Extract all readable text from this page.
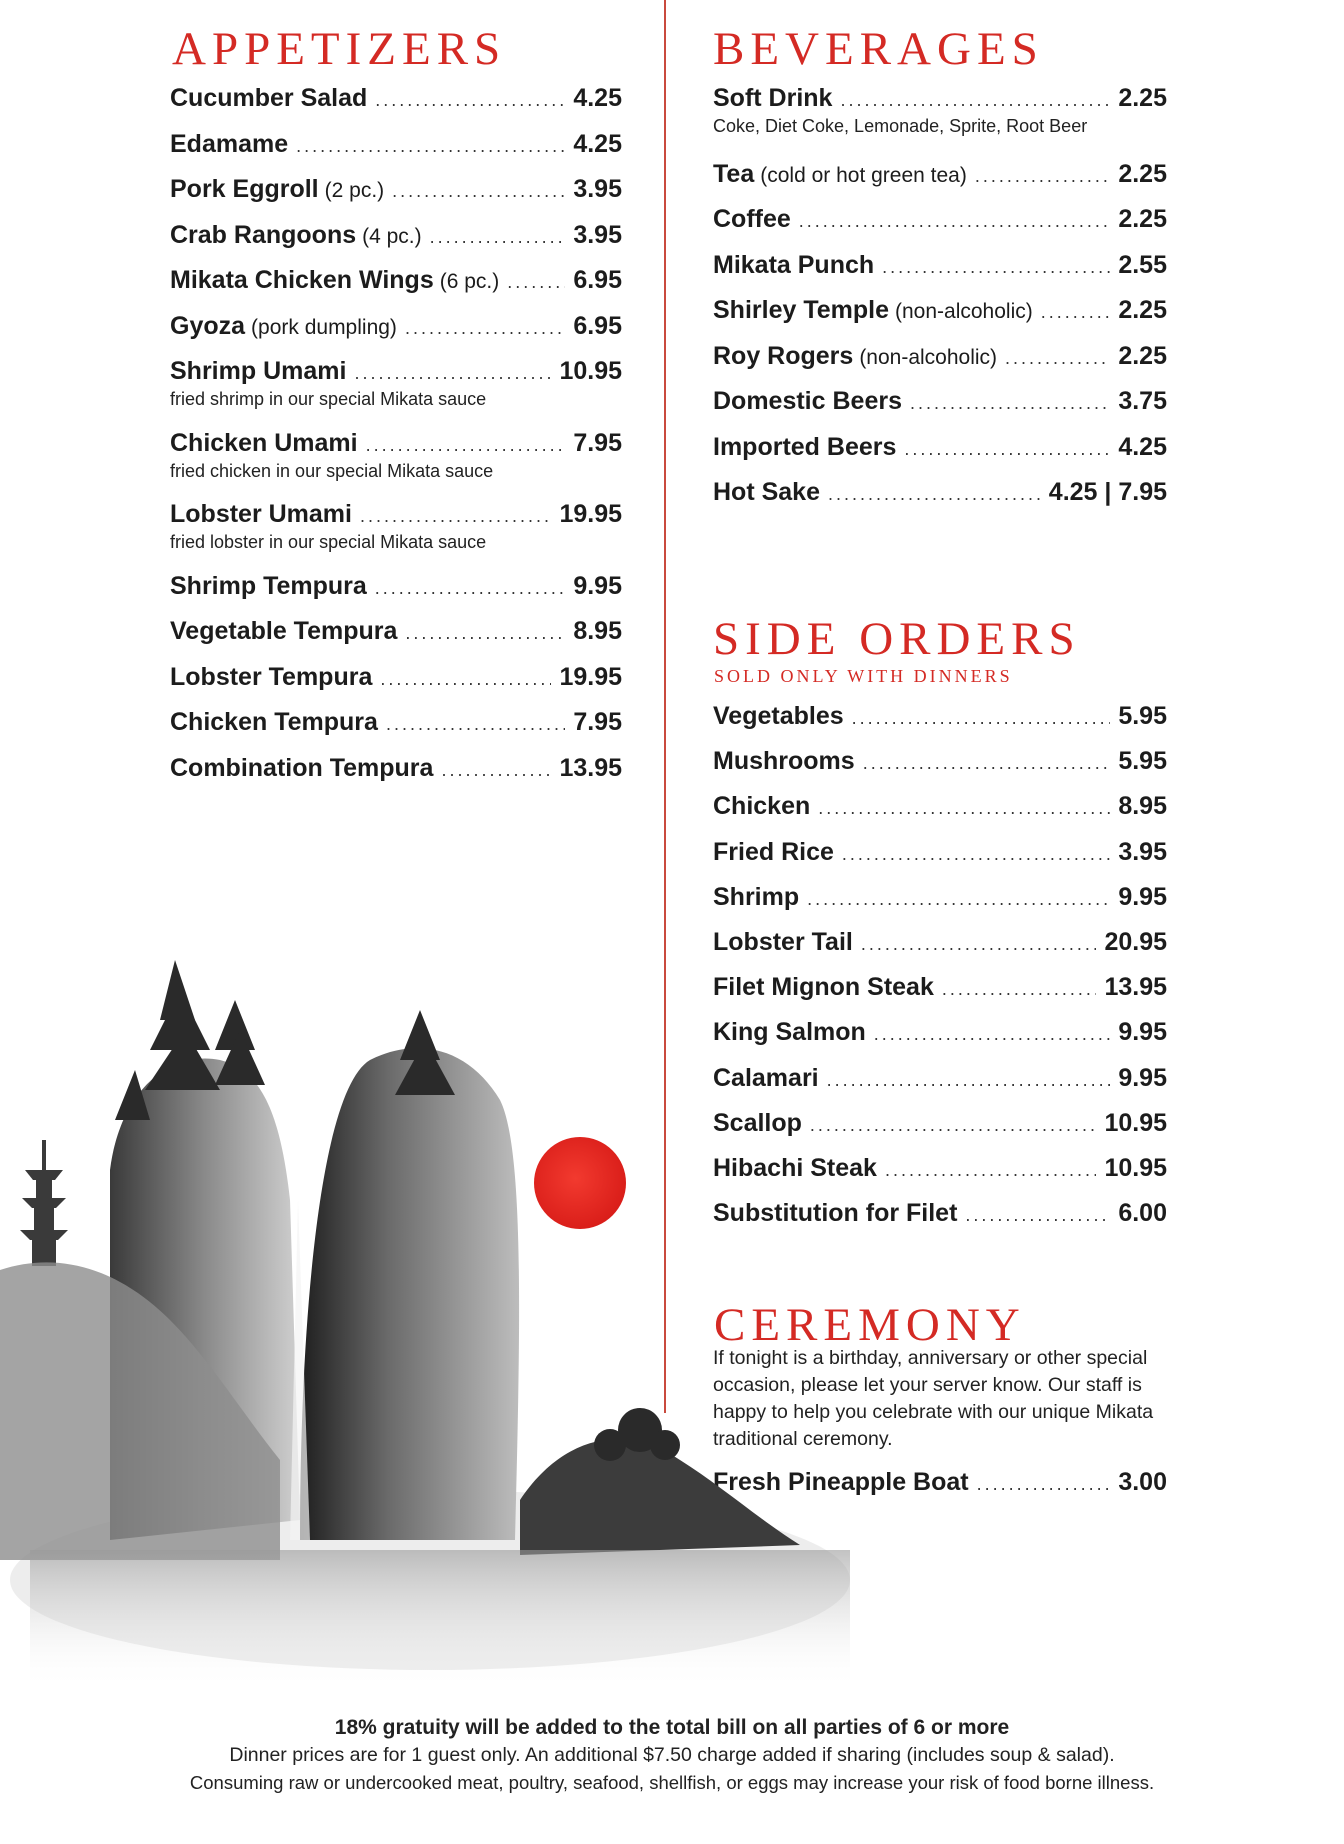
APPETIZERS
Cucumber Salad .....	4.25
Edamame .....	4.25
Pork Eggroll (2 pc.) .....	3.95
Crab Rangoons (4 pc.) .....	3.95
Mikata Chicken Wings (6 pc.) .....	6.95
Gyoza (pork dumpling) .....	6.95
Shrimp Umami .....	10.95
fried shrimp in our special Mikata sauce
Chicken Umami .....	7.95
fried chicken in our special Mikata sauce
Lobster Umami .....	19.95
fried lobster in our special Mikata sauce
Shrimp Tempura .....	9.95
Vegetable Tempura .....	8.95
Lobster Tempura .....	19.95
Chicken Tempura .....	7.95
Combination Tempura .....	13.95
BEVERAGES
Soft Drink .....	2.25
Coke, Diet Coke, Lemonade, Sprite, Root Beer
Tea (cold or hot green tea) .....	2.25
Coffee .....	2.25
Mikata Punch .....	2.55
Shirley Temple (non-alcoholic) .....	2.25
Roy Rogers (non-alcoholic) .....	2.25
Domestic Beers .....	3.75
Imported Beers .....	4.25
Hot Sake .....	4.25 | 7.95
SIDE ORDERS
SOLD ONLY WITH DINNERS
Vegetables .....	5.95
Mushrooms .....	5.95
Chicken .....	8.95
Fried Rice .....	3.95
Shrimp .....	9.95
Lobster Tail .....	20.95
Filet Mignon Steak .....	13.95
King Salmon .....	9.95
Calamari .....	9.95
Scallop .....	10.95
Hibachi Steak .....	10.95
Substitution for Filet .....	6.00
CEREMONY
If tonight is a birthday, anniversary or other special
occasion, please let your server know. Our staff is
happy to help you celebrate with our unique Mikata
traditional ceremony.
Fresh Pineapple Boat .....	3.00
18% gratuity will be added to the total bill on all parties of 6 or more
Dinner prices are for 1 guest only. An additional $7.50 charge added if sharing (includes soup & salad).
Consuming raw or undercooked meat, poultry, seafood, shellfish, or eggs may increase your risk of food borne illness.
